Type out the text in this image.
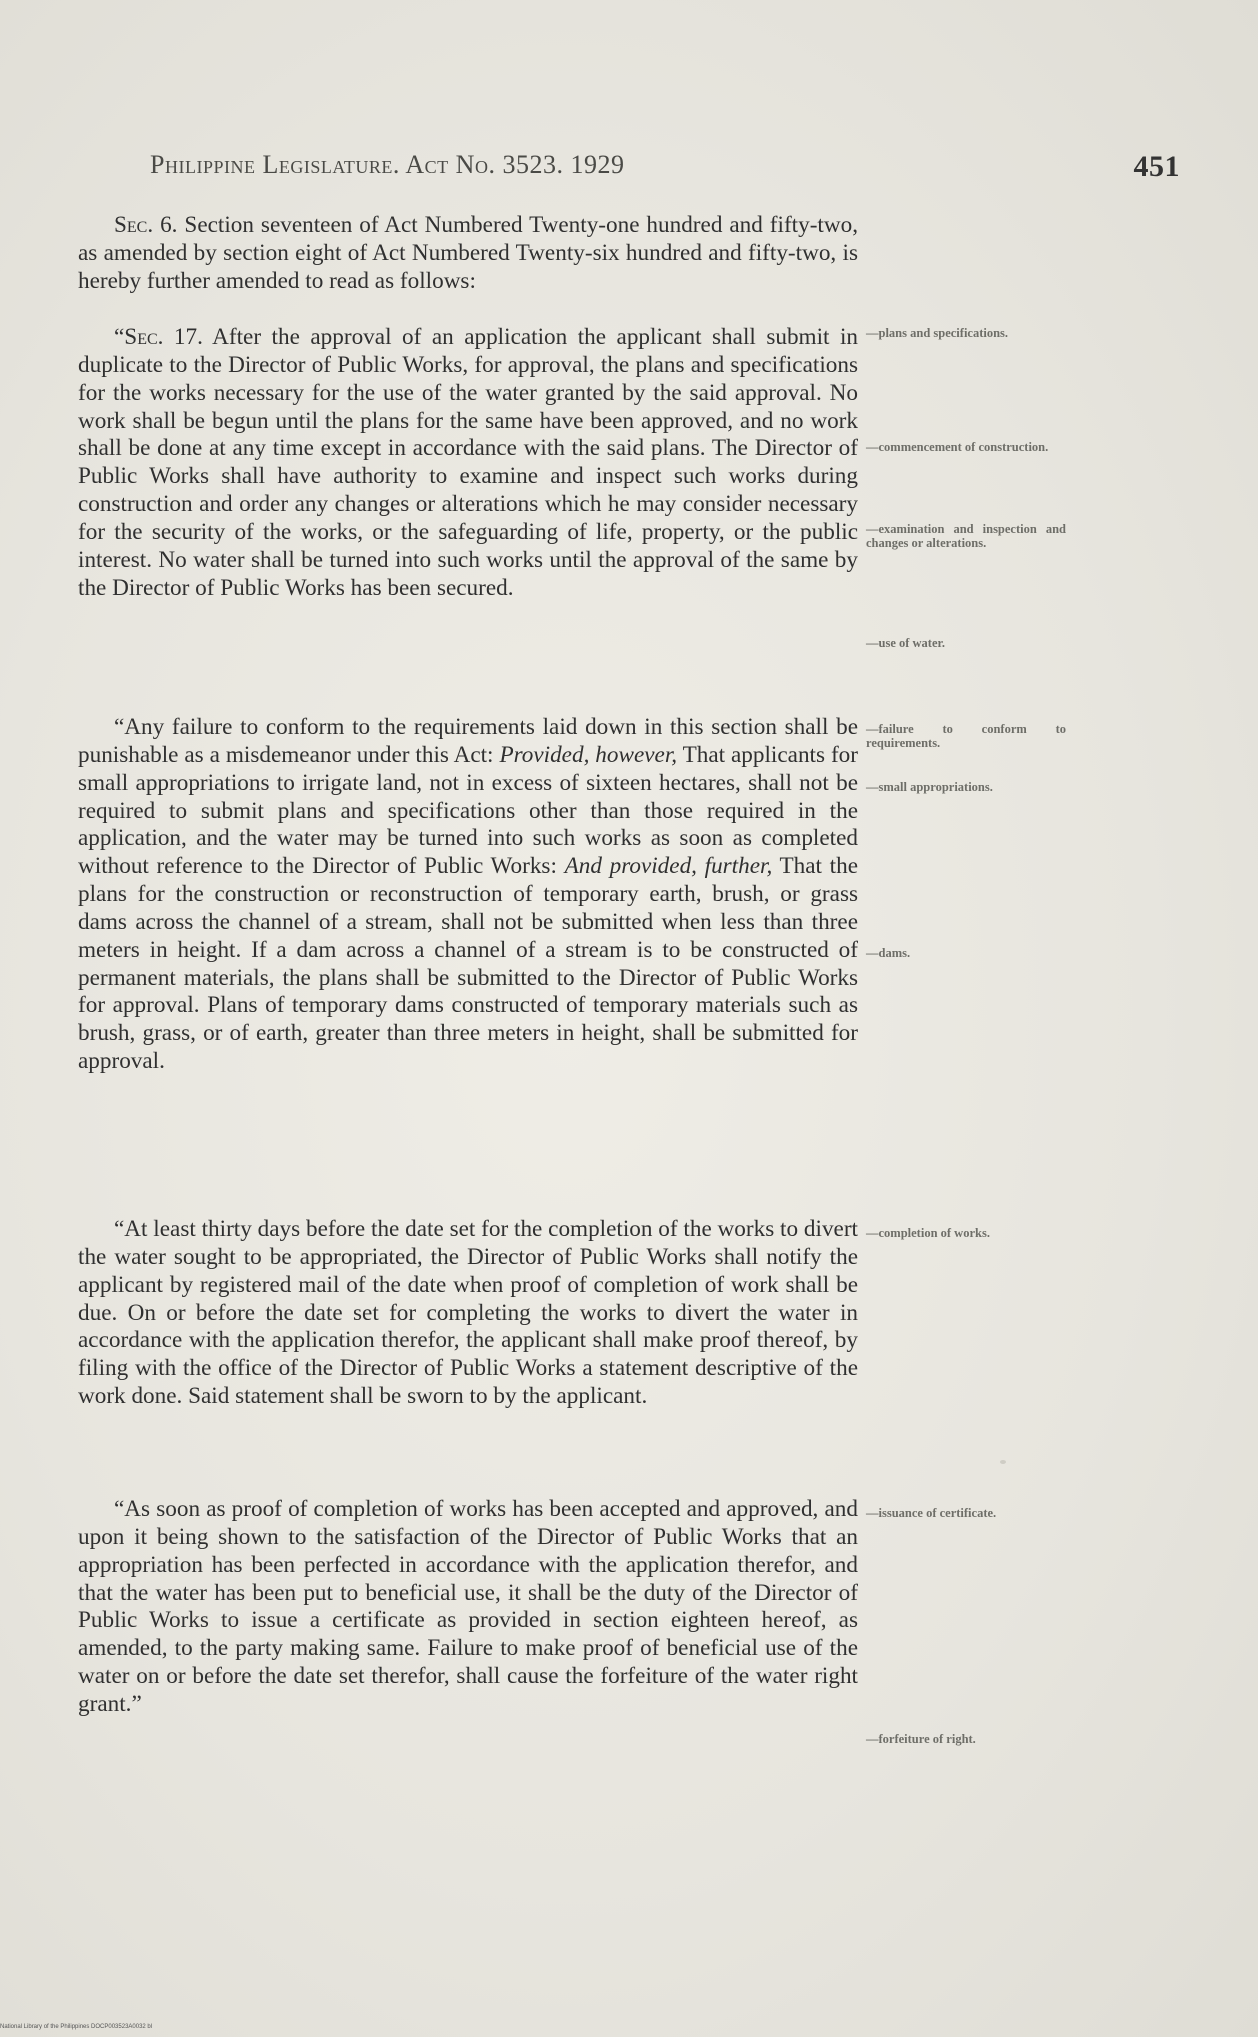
Philippine Legislature. Act No. 3523. 1929	451

Sec. 6. Section seventeen of Act Numbered Twenty-one hundred and fifty-two, as amended by section eight of Act Numbered Twenty-six hundred and fifty-two, is hereby further amended to read as follows:

“Sec. 17. After the approval of an application the applicant shall submit in duplicate to the Director of Public Works, for approval, the plans and specifications for the works necessary for the use of the water granted by the said approval. No work shall be begun until the plans for the same have been approved, and no work shall be done at any time except in accordance with the said plans. The Director of Public Works shall have authority to examine and inspect such works during construction and order any changes or alterations which he may consider necessary for the security of the works, or the safeguarding of life, property, or the public interest. No water shall be turned into such works until the approval of the same by the Director of Public Works has been secured.

“Any failure to conform to the requirements laid down in this section shall be punishable as a misdemeanor under this Act: Provided, however, That applicants for small appropriations to irrigate land, not in excess of sixteen hectares, shall not be required to submit plans and specifications other than those required in the application, and the water may be turned into such works as soon as completed without reference to the Director of Public Works: And provided, further, That the plans for the construction or reconstruction of temporary earth, brush, or grass dams across the channel of a stream, shall not be submitted when less than three meters in height. If a dam across a channel of a stream is to be constructed of permanent materials, the plans shall be submitted to the Director of Public Works for approval. Plans of temporary dams constructed of temporary materials such as brush, grass, or of earth, greater than three meters in height, shall be submitted for approval.

“At least thirty days before the date set for the completion of the works to divert the water sought to be appropriated, the Director of Public Works shall notify the applicant by registered mail of the date when proof of completion of work shall be due. On or before the date set for completing the works to divert the water in accordance with the application therefor, the applicant shall make proof thereof, by filing with the office of the Director of Public Works a statement descriptive of the work done. Said statement shall be sworn to by the applicant.

“As soon as proof of completion of works has been accepted and approved, and upon it being shown to the satisfaction of the Director of Public Works that an appropriation has been perfected in accordance with the application therefor, and that the water has been put to beneficial use, it shall be the duty of the Director of Public Works to issue a certificate as provided in section eighteen hereof, as amended, to the party making same. Failure to make proof of beneficial use of the water on or before the date set therefor, shall cause the forfeiture of the water right grant.”

—plans and specifications.
—commencement of construction.
—examination and inspection and changes or alterations.
—use of water.
—failure to conform to requirements.
—small appropriations.
—dams.
—completion of works.
—issuance of certificate.
—forfeiture of right.
National Library of the Philippines DOCP003523A0032 bl
